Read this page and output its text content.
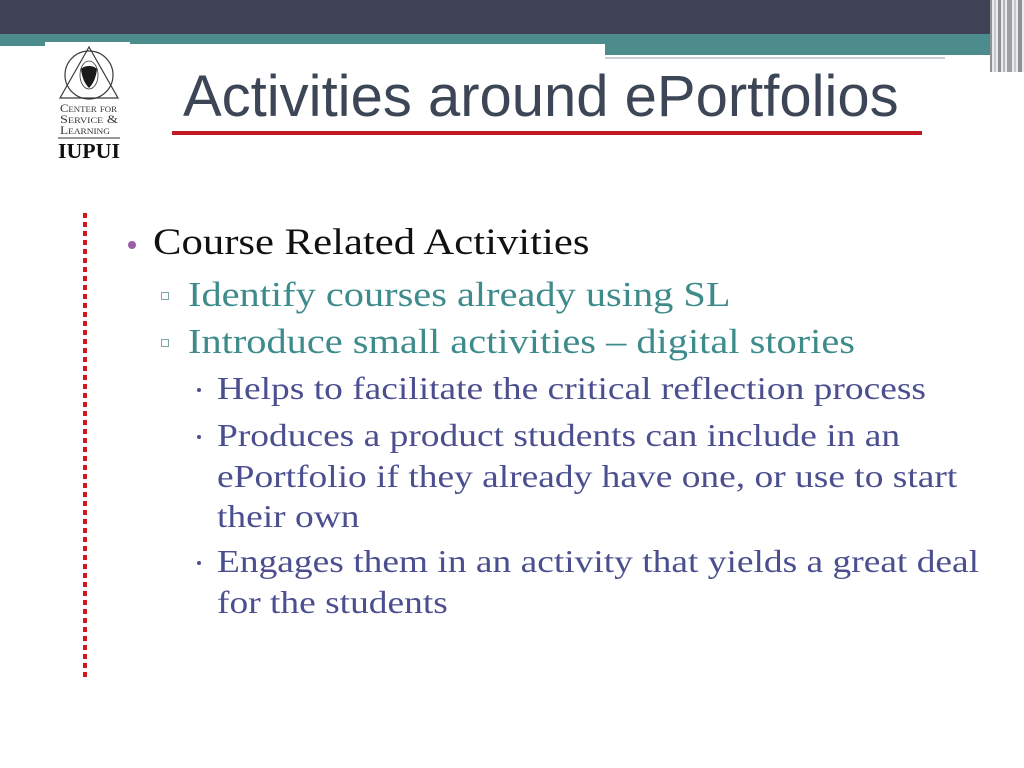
Center for
Service &
Learning
IUPUI
Activities around ePortfolios
Course Related Activities
Identify courses already using SL
Introduce small activities – digital stories
Helps to facilitate the critical reflection process
Produces a product students can include in an
ePortfolio if they already have one, or use to start
their own
Engages them in an activity that yields a great deal
for the students
